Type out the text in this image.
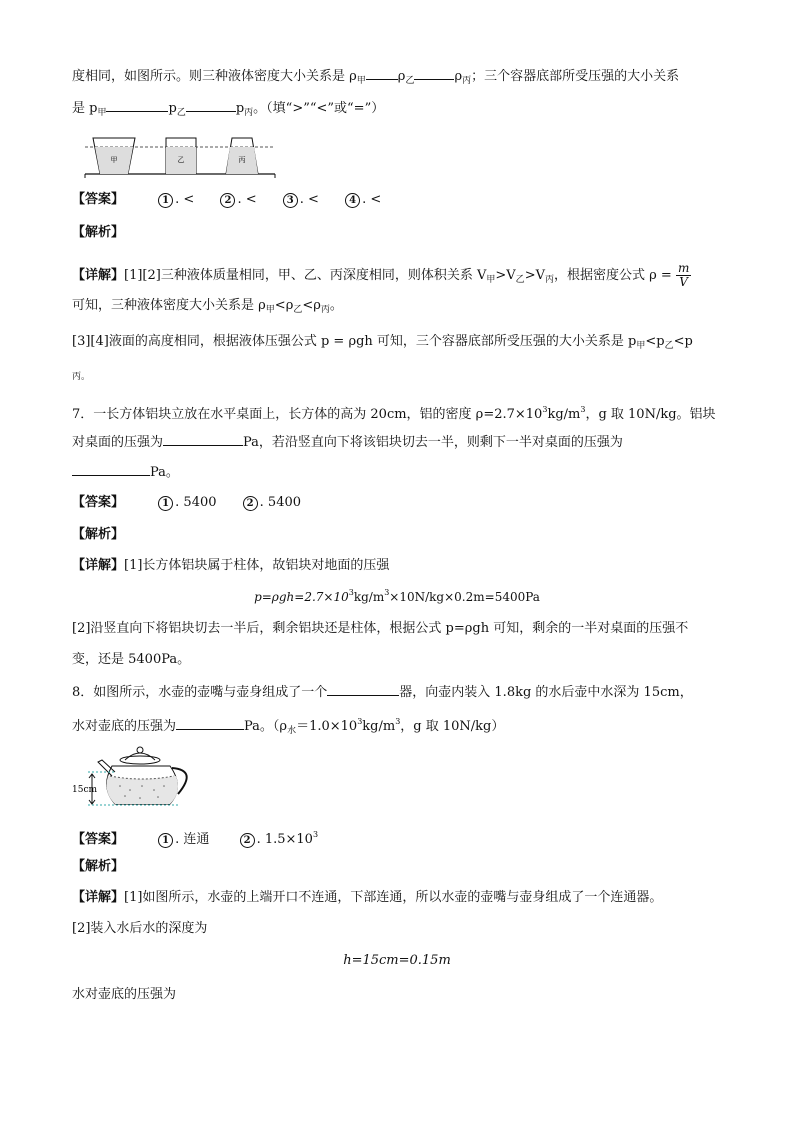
度相同，如图所示。则三种液体密度大小关系是 $\rho_甲$ $\rho_乙$	$\rho_丙$；三个容器底部所受压强的大小关系
是 $p_甲$	$p_乙$	$p_丙$。（填“>”“<”或“=”）
甲	乙	丙
【答案】	1 . <	2 . <	3 . <	4 . <
【解析】
【详解】[1][2]三种液体质量相同，甲、乙、丙深度相同，则体积关系 $V_甲>V_乙>V_丙$，根据密度公式 $\rho = \frac{m}{V}$
可知，三种液体密度大小关系是 $\rho_甲<\rho_乙<\rho_丙$。
[3][4]液面的高度相同，根据液体压强公式 p = ρgh 可知，三个容器底部所受压强的大小关系是 $p_甲<p_乙<p$
丙。
7．一长方体铝块立放在水平桌面上，长方体的高为 20cm，铝的密度 $\rho=2.7\times 10^3kg/m^3$，g 取 10N/kg。铝块
对桌面的压强为	Pa，若沿竖直向下将该铝块切去一半，则剩下一半对桌面的压强为
Pa。
【答案】	1 . 5400	2 . 5400
【解析】
【详解】[1]长方体铝块属于柱体，故铝块对地面的压强
$p=\rho gh=2.7\times 10^3kg/m^3\times 10N/kg\times 0.2m=5400Pa$
[2]沿竖直向下将铝块切去一半后，剩余铝块还是柱体，根据公式 p=ρgh 可知，剩余的一半对桌面的压强不
变，还是 5400Pa。
8．如图所示，水壶的壶嘴与壶身组成了一个	器，向壶内装入 1.8kg 的水后壶中水深为 15cm，
水对壶底的压强为	Pa。（$\rho_水=1.0\times 10^3kg/m^3$，g 取 10N/kg）
15cm
【答案】	1 . 连通	2 . $1.5\times 10^3$
【解析】
【详解】[1]如图所示，水壶的上端开口不连通，下部连通，所以水壶的壶嘴与壶身组成了一个连通器。
[2]装入水后水的深度为
h=15cm=0.15m
水对壶底的压强为
